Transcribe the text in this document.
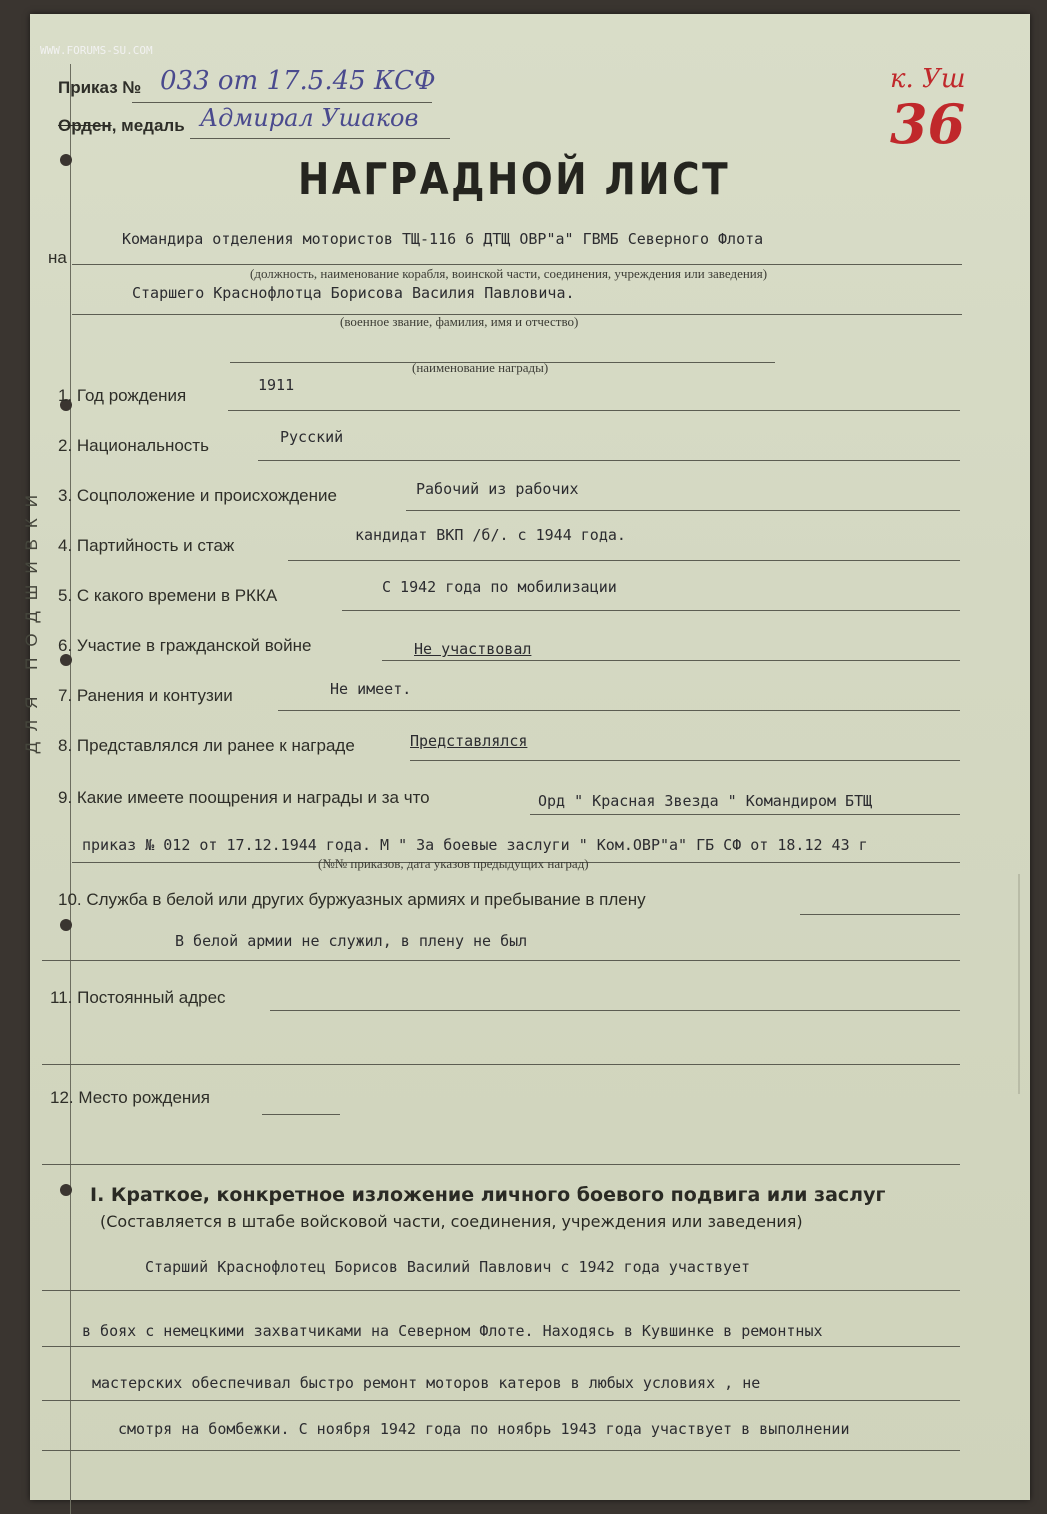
WWW.FORUMS-SU.COM
ДЛЯ ПОДШИВКИ
Приказ № 033 от 17.5.45 КСФ
Орден, медаль Адмирал Ушаков
к. Уш
36
НАГРАДНОЙ ЛИСТ
на
Командира отделения мотористов ТЩ-116 6 ДТЩ ОВР"а" ГВМБ Северного Флота
(должность, наименование корабля, воинской части, соединения, учреждения или заведения)
Старшего Краснофлотца Борисова Василия Павловича.
(военное звание, фамилия, имя и отчество)
(наименование награды)
1. Год рождения
1911
2. Национальность	Русский
3. Соцположение и происхождение	Рабочий из рабочих
4. Партийность и стаж
кандидат ВКП /б/. с 1944 года.
5. С какого времени в РККА	С 1942 года по мобилизации
6. Участие в гражданской войне	Не участвовал
7. Ранения и контузии	Не имеет.
8. Представлялся ли ранее к награде	Представлялся
9. Какие имеете поощрения и награды и за что	Орд " Красная Звезда " Командиром БТЩ
приказ № 012 от 17.12.1944 года. М " За боевые заслуги " Ком.ОВР"а" ГБ СФ от 18.12 43 г
(№№ приказов, дата указов предыдущих наград)
10. Служба в белой или других буржуазных армиях и пребывание в плену
В белой армии не служил, в плену не был
11. Постоянный адрес
12. Место рождения
I. Краткое, конкретное изложение личного боевого подвига или заслуг
(Составляется в штабе войсковой части, соединения, учреждения или заведения)
Старший Краснофлотец Борисов Василий Павлович с 1942 года участвует
в боях с немецкими захватчиками на Северном Флоте. Находясь в Кувшинке в ремонтных
мастерских обеспечивал быстро ремонт моторов катеров в любых условиях , не
смотря на бомбежки. С ноября 1942 года по ноябрь 1943 года участвует в выполнении
